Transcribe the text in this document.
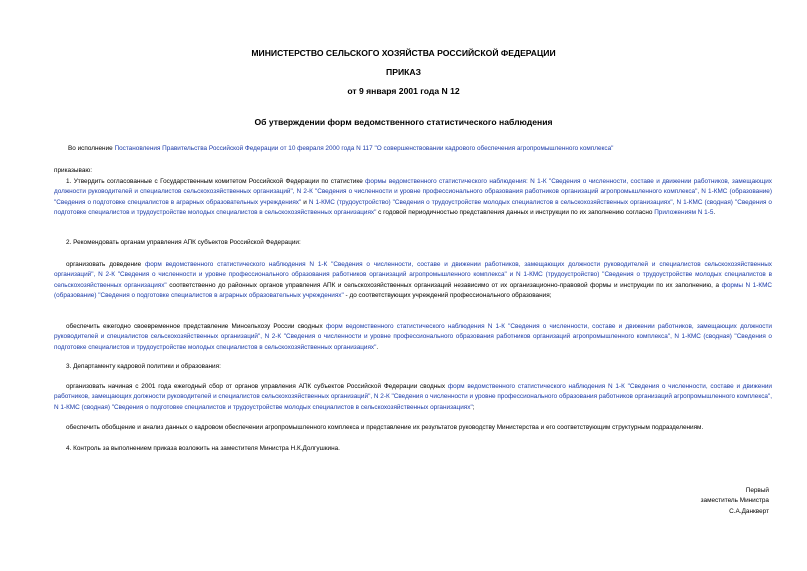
МИНИСТЕРСТВО СЕЛЬСКОГО ХОЗЯЙСТВА РОССИЙСКОЙ ФЕДЕРАЦИИ
ПРИКАЗ
от 9 января 2001 года N 12
Об утверждении форм ведомственного статистического наблюдения
Во исполнение Постановления Правительства Российской Федерации от 10 февраля 2000 года N 117 "О совершенствовании кадрового обеспечения агропромышленного комплекса"
приказываю:
1. Утвердить согласованные с Государственным комитетом Российской Федерации по статистике формы ведомственного статистического наблюдения: N 1-К "Сведения о численности, составе и движении работников, замещающих должности руководителей и специалистов сельскохозяйственных организаций", N 2-К "Сведения о численности и уровне профессионального образования работников организаций агропромышленного комплекса", N 1-КМС (образование) "Сведения о подготовке специалистов в аграрных образовательных учреждениях" и N 1-КМС (трудоустройство) "Сведения о трудоустройстве молодых специалистов в сельскохозяйственных организациях", N 1-КМС (сводная) "Сведения о подготовке специалистов и трудоустройстве молодых специалистов в сельскохозяйственных организациях" с годовой периодичностью представления данных и инструкции по их заполнению согласно Приложениям N 1-5.
2. Рекомендовать органам управления АПК субъектов Российской Федерации:
организовать доведение форм ведомственного статистического наблюдения N 1-К "Сведения о численности, составе и движении работников, замещающих должности руководителей и специалистов сельскохозяйственных организаций", N 2-К "Сведения о численности и уровне профессионального образования работников организаций агропромышленного комплекса" и N 1-КМС (трудоустройство) "Сведения о трудоустройстве молодых специалистов в сельскохозяйственных организациях" соответственно до районных органов управления АПК и сельскохозяйственных организаций независимо от их организационно-правовой формы и инструкции по их заполнению, а формы N 1-КМС (образование) "Сведения о подготовке специалистов в аграрных образовательных учреждениях" - до соответствующих учреждений профессионального образования;
обеспечить ежегодно своевременное представление Минсельхозу России сводных форм ведомственного статистического наблюдения N 1-К "Сведения о численности, составе и движении работников, замещающих должности руководителей и специалистов сельскохозяйственных организаций", N 2-К "Сведения о численности и уровне профессионального образования работников организаций агропромышленного комплекса", N 1-КМС (сводная) "Сведения о подготовке специалистов и трудоустройстве молодых специалистов в сельскохозяйственных организациях".
3. Департаменту кадровой политики и образования:
организовать начиная с 2001 года ежегодный сбор от органов управления АПК субъектов Российской Федерации сводных форм ведомственного статистического наблюдения N 1-К "Сведения о численности, составе и движении работников, замещающих должности руководителей и специалистов сельскохозяйственных организаций", N 2-К "Сведения о численности и уровне профессионального образования работников организаций агропромышленного комплекса", N 1-КМС (сводная) "Сведения о подготовке специалистов и трудоустройстве молодых специалистов в сельскохозяйственных организациях";
обеспечить обобщение и анализ данных о кадровом обеспечении агропромышленного комплекса и представление их результатов руководству Министерства и его соответствующим структурным подразделениям.
4. Контроль за выполнением приказа возложить на заместителя Министра Н.К.Долгушкина.
Первый
заместитель Министра
С.А.Данкверт
